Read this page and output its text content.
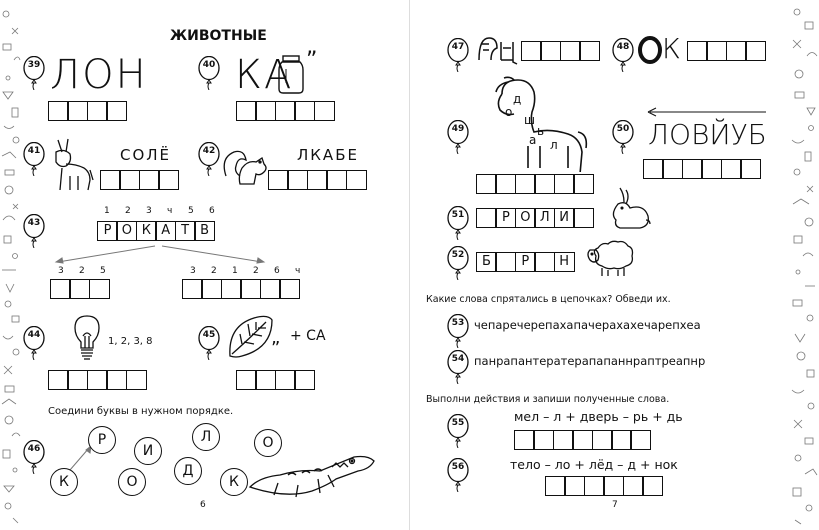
ЖИВОТНЫЕ
39 ЛОН	40 КА ”
41	СОЛЁ	42	ЛКАБЕ
43
1 2 3 ч 5 6
Р О К А Т В
3 2 5	3 2 1 2 6 ч
44
1, 2, 3, 8
45
”
+ СА
Соедини буквы в нужном порядке.
46
К
Р
О
И
Д
Л
К
О
6
47	48 К
49
д
о
ш
ь
а л
50 ЛОВЙУБ
51	Р О Л И
52	Б	Р	Н
Какие слова спрятались в цепочках? Обведи их.
53 чепаречерепахапачерахахечарепхеа
54 панрапантератерапапаннраптреапнр
Выполни действия и запиши полученные слова.
55	мел – л + дверь – рь + дь
56	тело – ло + лёд – д + нок
7
